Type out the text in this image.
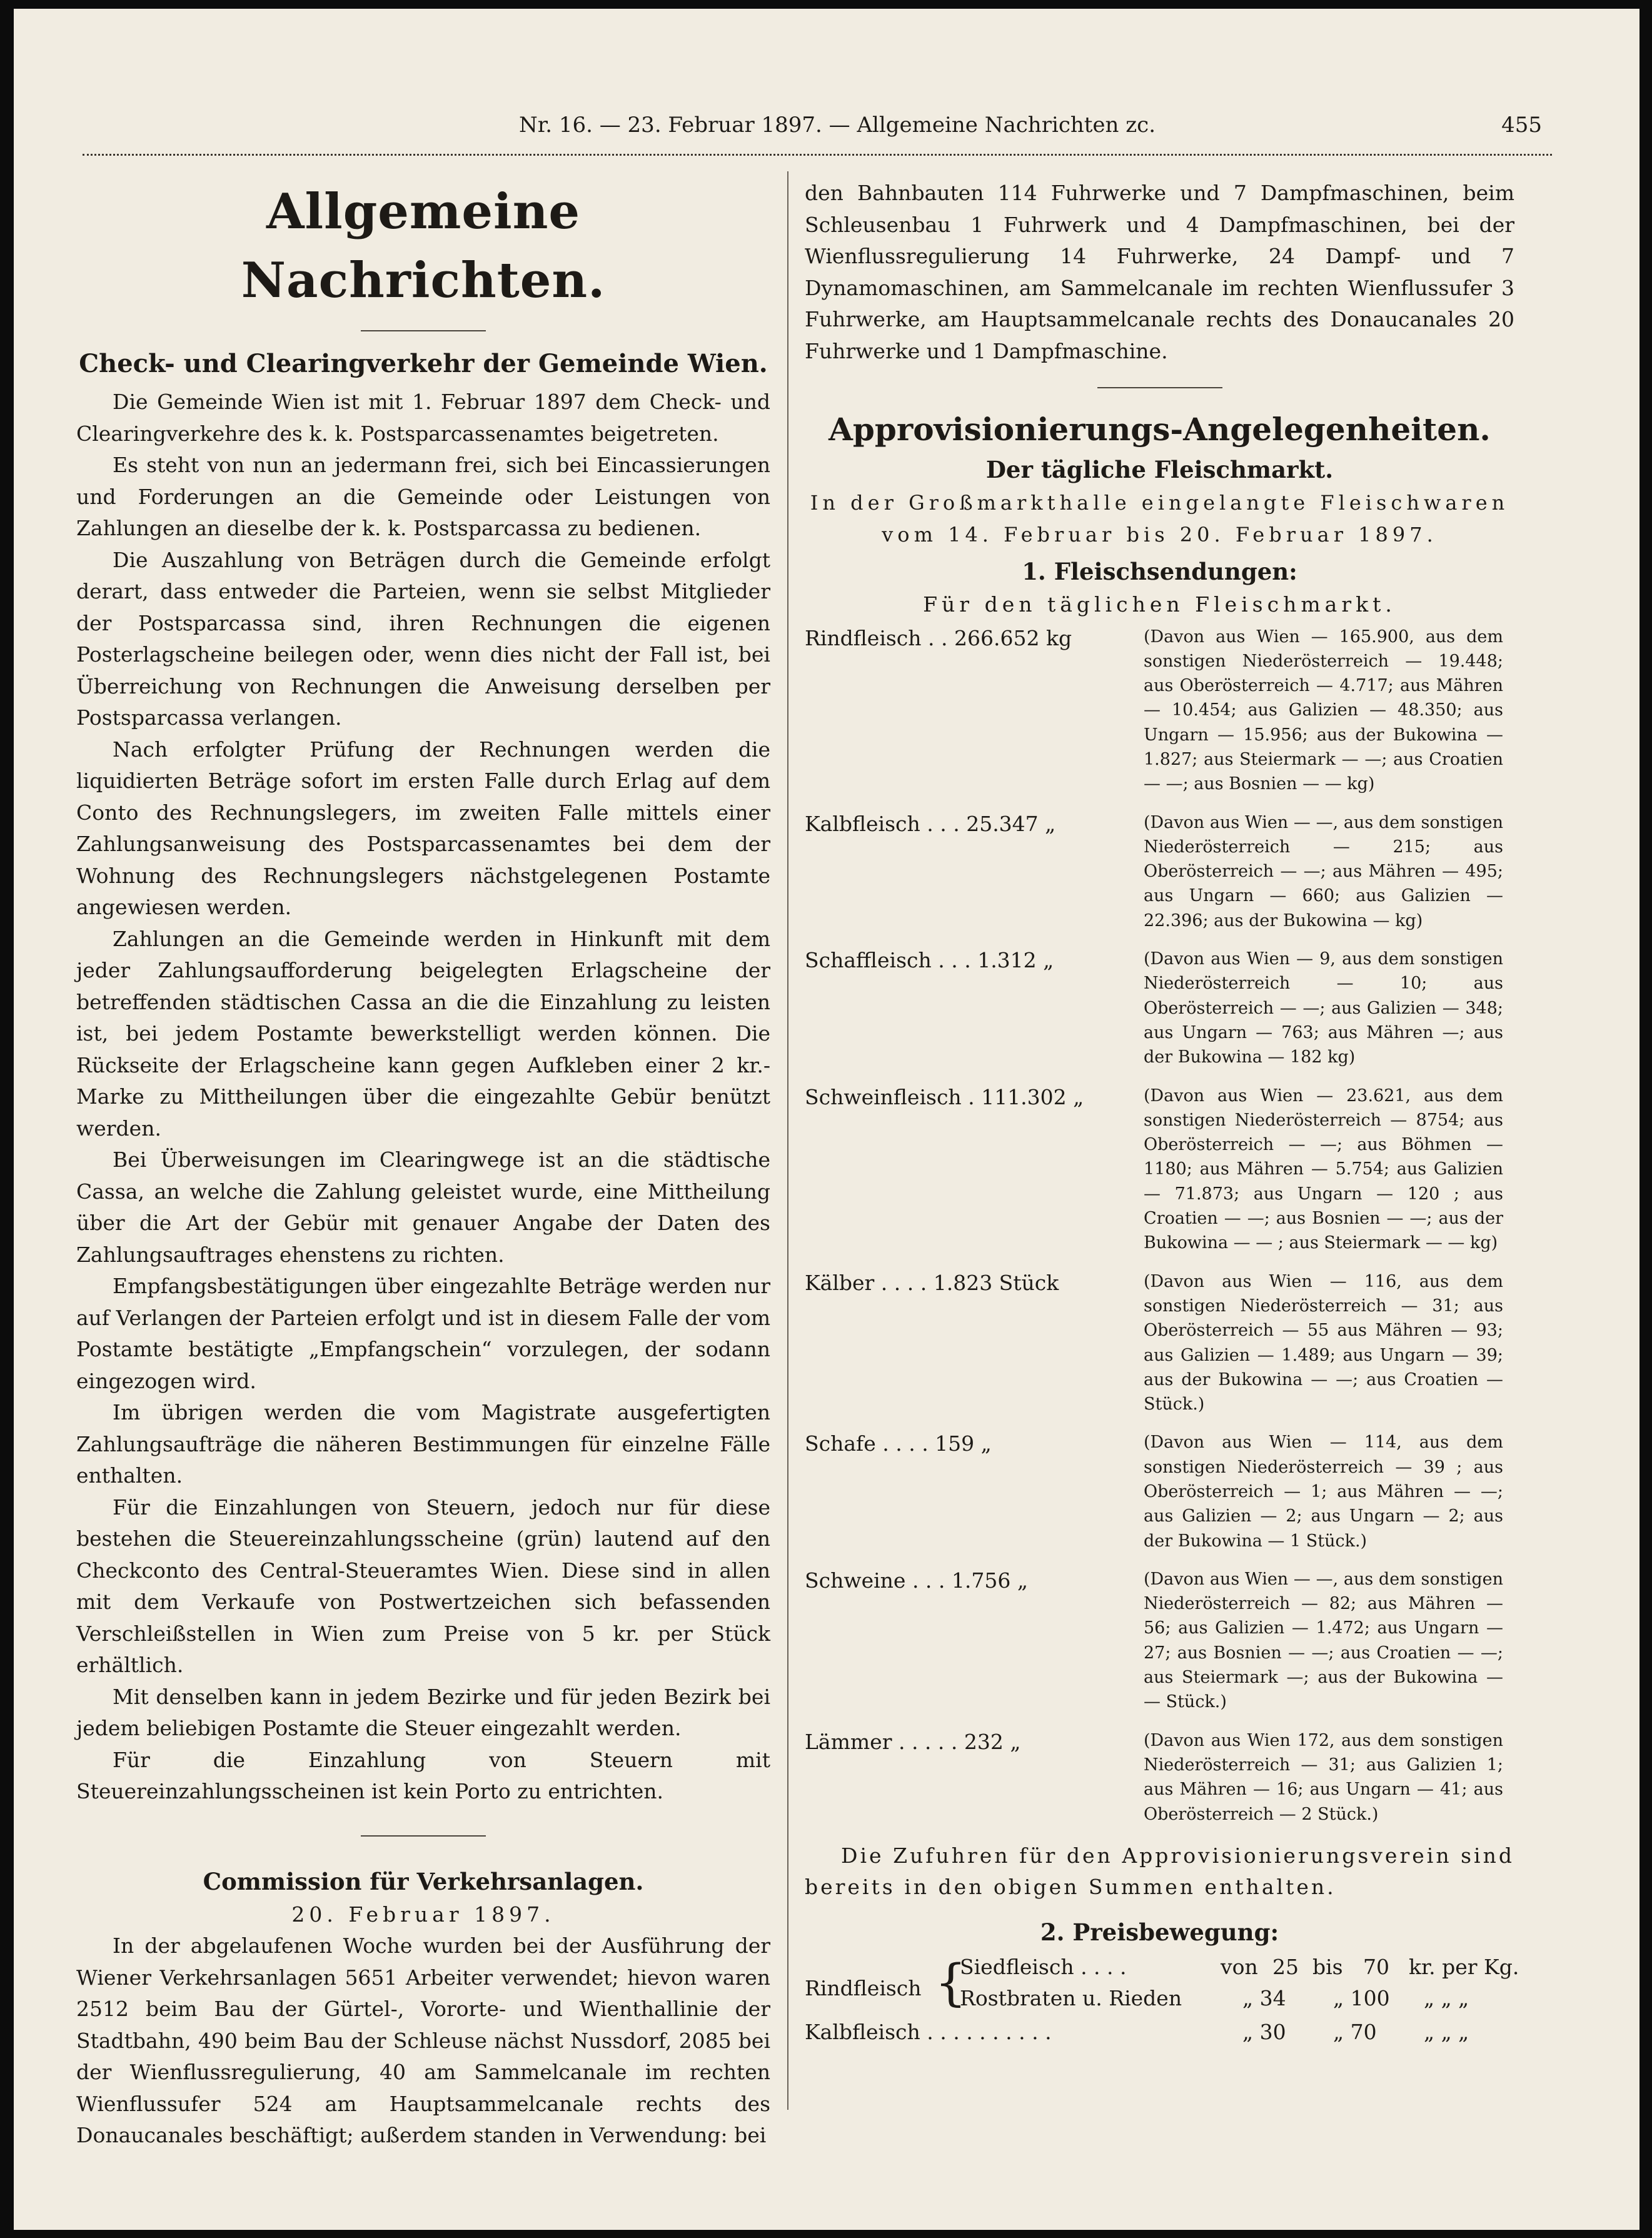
Nr. 16. — 23. Februar 1897. — Allgemeine Nachrichten zc.	455
Allgemeine Nachrichten.
Check- und Clearingverkehr der Gemeinde Wien.

Die Gemeinde Wien ist mit 1. Februar 1897 dem Check- und Clearingverkehre des k. k. Postsparcassenamtes beigetreten.

Es steht von nun an jedermann frei, sich bei Eincassierungen und Forderungen an die Gemeinde oder Leistungen von Zahlungen an dieselbe der k. k. Postsparcassa zu bedienen.

Die Auszahlung von Beträgen durch die Gemeinde erfolgt derart, dass entweder die Parteien, wenn sie selbst Mitglieder der Postsparcassa sind, ihren Rechnungen die eigenen Posterlagscheine beilegen oder, wenn dies nicht der Fall ist, bei Überreichung von Rechnungen die Anweisung derselben per Postsparcassa verlangen.

Nach erfolgter Prüfung der Rechnungen werden die liquidierten Beträge sofort im ersten Falle durch Erlag auf dem Conto des Rechnungslegers, im zweiten Falle mittels einer Zahlungsanweisung des Postsparcassenamtes bei dem der Wohnung des Rechnungslegers nächstgelegenen Postamte angewiesen werden.

Zahlungen an die Gemeinde werden in Hinkunft mit dem jeder Zahlungsaufforderung beigelegten Erlagscheine der betreffenden städtischen Cassa an die die Einzahlung zu leisten ist, bei jedem Postamte bewerkstelligt werden können. Die Rückseite der Erlagscheine kann gegen Aufkleben einer 2 kr.-Marke zu Mittheilungen über die eingezahlte Gebür benützt werden.

Bei Überweisungen im Clearingwege ist an die städtische Cassa, an welche die Zahlung geleistet wurde, eine Mittheilung über die Art der Gebür mit genauer Angabe der Daten des Zahlungsauftrages ehenstens zu richten.

Empfangsbestätigungen über eingezahlte Beträge werden nur auf Verlangen der Parteien erfolgt und ist in diesem Falle der vom Postamte bestätigte „Empfangschein“ vorzulegen, der sodann eingezogen wird.

Im übrigen werden die vom Magistrate ausgefertigten Zahlungsaufträge die näheren Bestimmungen für einzelne Fälle enthalten.

Für die Einzahlungen von Steuern, jedoch nur für diese bestehen die Steuereinzahlungsscheine (grün) lautend auf den Checkconto des Central-Steueramtes Wien. Diese sind in allen mit dem Verkaufe von Postwertzeichen sich befassenden Verschleißstellen in Wien zum Preise von 5 kr. per Stück erhältlich.

Mit denselben kann in jedem Bezirke und für jeden Bezirk bei jedem beliebigen Postamte die Steuer eingezahlt werden.

Für die Einzahlung von Steuern mit Steuereinzahlungsscheinen ist kein Porto zu entrichten.

Commission für Verkehrsanlagen.

20. Februar 1897.

In der abgelaufenen Woche wurden bei der Ausführung der Wiener Verkehrsanlagen 5651 Arbeiter verwendet; hievon waren 2512 beim Bau der Gürtel-, Vororte- und Wienthallinie der Stadtbahn, 490 beim Bau der Schleuse nächst Nussdorf, 2085 bei der Wienflussregulierung, 40 am Sammelcanale im rechten Wienflussufer 524 am Hauptsammelcanale rechts des Donaucanales beschäftigt; außerdem standen in Verwendung: bei

den Bahnbauten 114 Fuhrwerke und 7 Dampfmaschinen, beim Schleusenbau 1 Fuhrwerk und 4 Dampfmaschinen, bei der Wienflussregulierung 14 Fuhrwerke, 24 Dampf- und 7 Dynamomaschinen, am Sammelcanale im rechten Wienflussufer 3 Fuhrwerke, am Hauptsammelcanale rechts des Donaucanales 20 Fuhrwerke und 1 Dampfmaschine.

Approvisionierungs-Angelegenheiten.
Der tägliche Fleischmarkt.

In der Großmarkthalle eingelangte Fleischwaren vom 14. Februar bis 20. Februar 1897.

1. Fleischsendungen:

Für den täglichen Fleischmarkt.

Rindfleisch . . 266.652 kg	(Davon aus Wien — 165.900, aus dem sonstigen Niederösterreich — 19.448; aus Oberösterreich — 4.717; aus Mähren — 10.454; aus Galizien — 48.350; aus Ungarn — 15.956; aus der Bukowina — 1.827; aus Steiermark — —; aus Croatien — —; aus Bosnien — — kg)
Kalbfleisch . . . 25.347 „	(Davon aus Wien — —, aus dem sonstigen Niederösterreich — 215; aus Oberösterreich — —; aus Mähren — 495; aus Ungarn — 660; aus Galizien — 22.396; aus der Bukowina — kg)
Schaffleisch . . . 1.312 „	(Davon aus Wien — 9, aus dem sonstigen Niederösterreich — 10; aus Oberösterreich — —; aus Galizien — 348; aus Ungarn — 763; aus Mähren —; aus der Bukowina — 182 kg)
Schweinfleisch . 111.302 „	(Davon aus Wien — 23.621, aus dem sonstigen Niederösterreich — 8754; aus Oberösterreich — —; aus Böhmen — 1180; aus Mähren — 5.754; aus Galizien — 71.873; aus Ungarn — 120 ; aus Croatien — —; aus Bosnien — —; aus der Bukowina — — ; aus Steiermark — — kg)
Kälber . . . . 1.823 Stück	(Davon aus Wien — 116, aus dem sonstigen Niederösterreich — 31; aus Oberösterreich — 55 aus Mähren — 93; aus Galizien — 1.489; aus Ungarn — 39; aus der Bukowina — —; aus Croatien — Stück.)
Schafe . . . . 159 „	(Davon aus Wien — 114, aus dem sonstigen Niederösterreich — 39 ; aus Oberösterreich — 1; aus Mähren — —; aus Galizien — 2; aus Ungarn — 2; aus der Bukowina — 1 Stück.)
Schweine . . . 1.756 „	(Davon aus Wien — —, aus dem sonstigen Niederösterreich — 82; aus Mähren — 56; aus Galizien — 1.472; aus Ungarn — 27; aus Bosnien — —; aus Croatien — —; aus Steiermark —; aus der Bukowina — — Stück.)
Lämmer . . . . . 232 „	(Davon aus Wien 172, aus dem sonstigen Niederösterreich — 31; aus Galizien 1; aus Mähren — 16; aus Ungarn — 41; aus Oberösterreich — 2 Stück.)

Die Zufuhren für den Approvisionierungsverein sind bereits in den obigen Summen enthalten.

2. Preisbewegung:
Rindfleisch {
Siedfleisch . . . .	von 25 bis 70 kr. per Kg.
Rostbraten u. Rieden	„ 34 „ 100 „ „ „
Kalbfleisch . . . . . . . . . .	„ 30 „ 70 „ „ „
